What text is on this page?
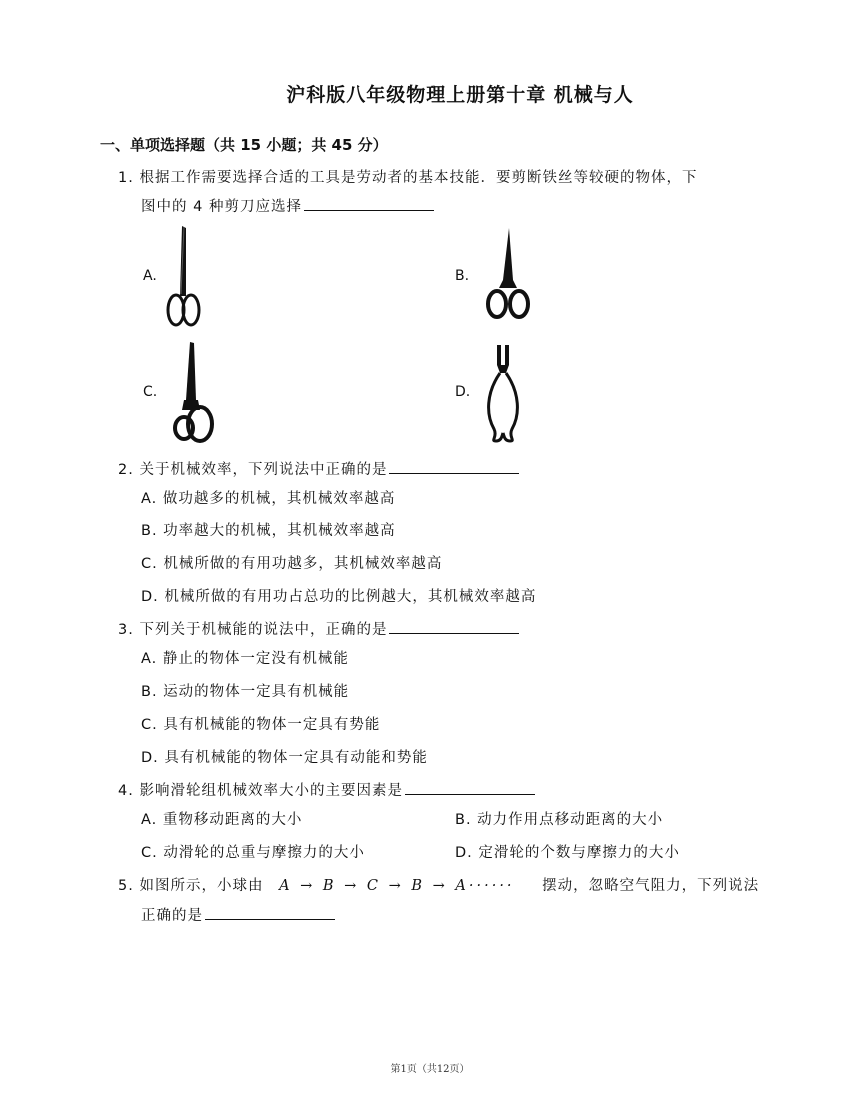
沪科版八年级物理上册第十章 机械与人
一、单项选择题（共 15 小题；共 45 分）
1. 根据工作需要选择合适的工具是劳动者的基本技能．要剪断铁丝等较硬的物体，下
图中的 4 种剪刀应选择
A.	B.
C.	D.
2. 关于机械效率，下列说法中正确的是
A. 做功越多的机械，其机械效率越高
B. 功率越大的机械，其机械效率越高
C. 机械所做的有用功越多，其机械效率越高
D. 机械所做的有用功占总功的比例越大，其机械效率越高
3. 下列关于机械能的说法中，正确的是
A. 静止的物体一定没有机械能
B. 运动的物体一定具有机械能
C. 具有机械能的物体一定具有势能
D. 具有机械能的物体一定具有动能和势能
4. 影响滑轮组机械效率大小的主要因素是
A. 重物移动距离的大小	B. 动力作用点移动距离的大小
C. 动滑轮的总重与摩擦力的大小	D. 定滑轮的个数与摩擦力的大小
5. 如图所示，小球由 A → B → C → B → A······ 摆动，忽略空气阻力，下列说法
正确的是
第1页（共12页）
